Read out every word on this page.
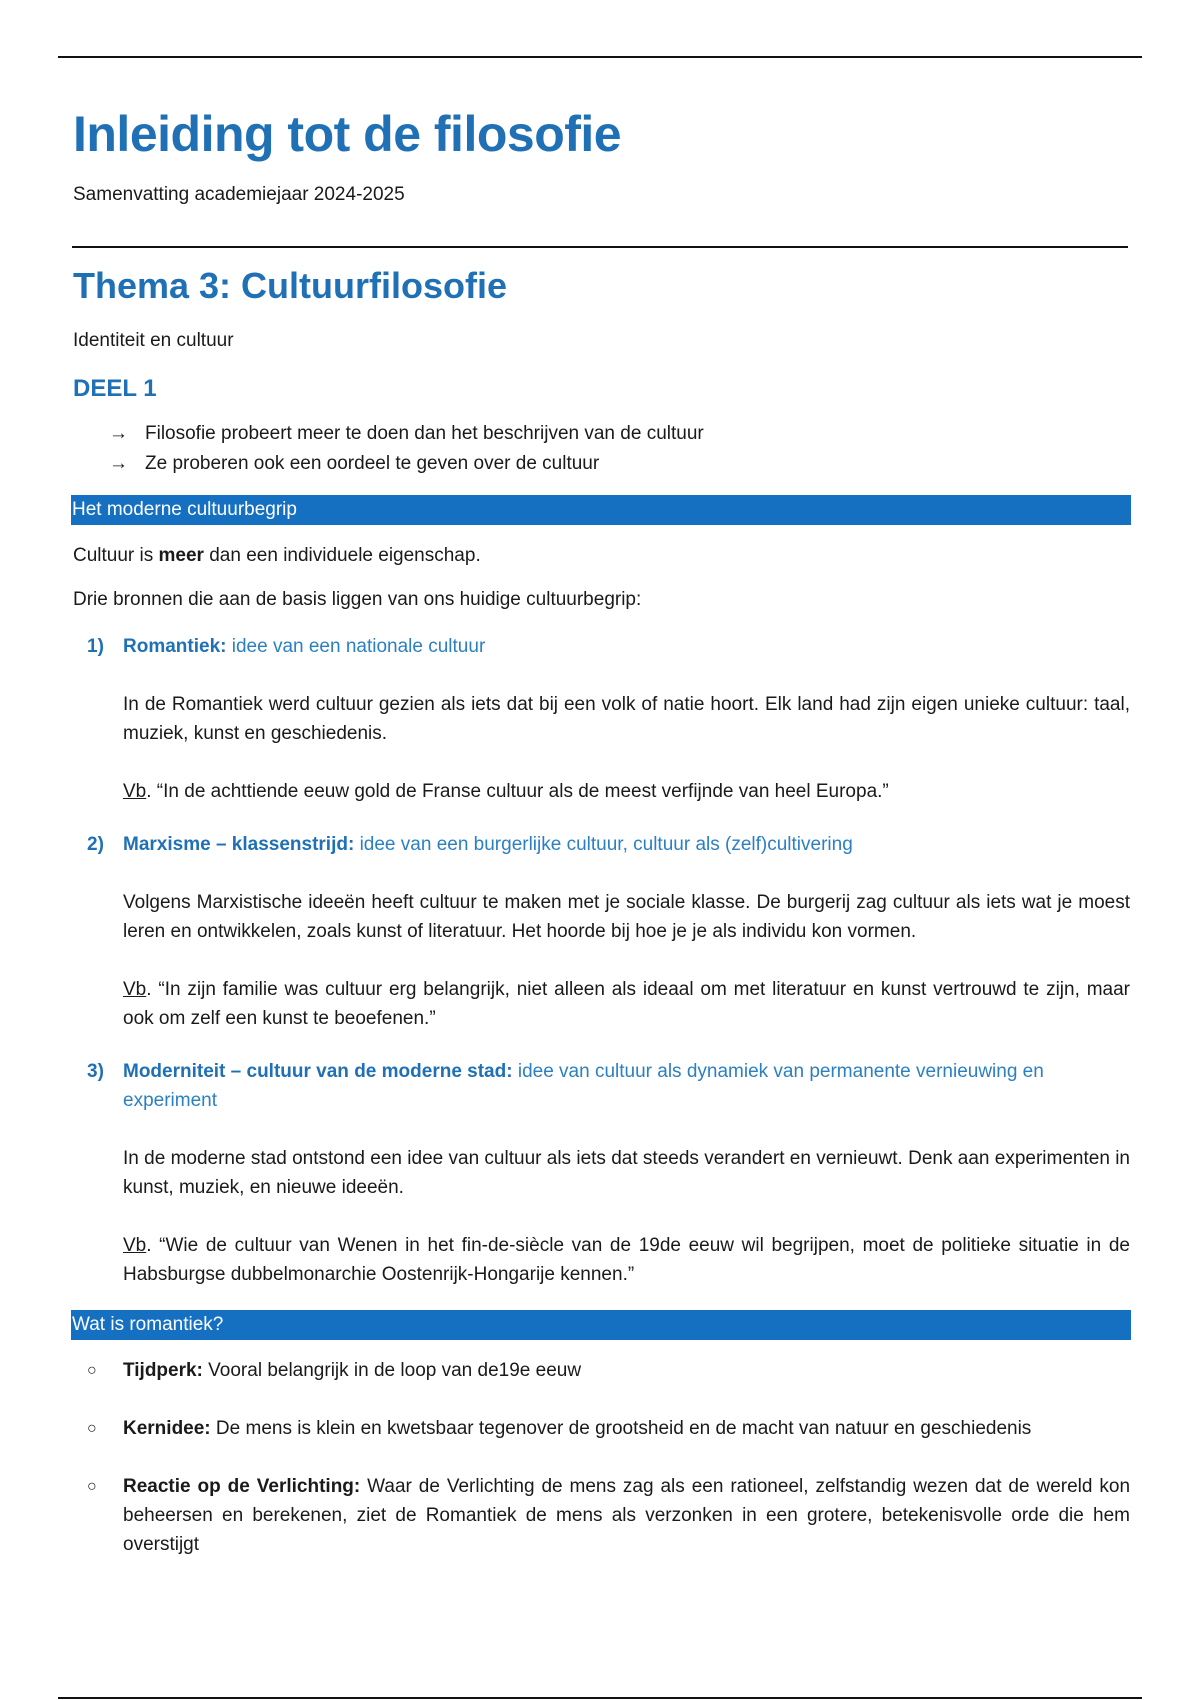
Inleiding tot de filosofie

Samenvatting academiejaar 2024-2025

Thema 3: Cultuurfilosofie

Identiteit en cultuur

DEEL 1
→ Filosofie probeert meer te doen dan het beschrijven van de cultuur
→ Ze proberen ook een oordeel te geven over de cultuur
Het moderne cultuurbegrip

Cultuur is meer dan een individuele eigenschap.

Drie bronnen die aan de basis liggen van ons huidige cultuurbegrip:

1)	Romantiek: idee van een nationale cultuur
In de Romantiek werd cultuur gezien als iets dat bij een volk of natie hoort. Elk land had zijn eigen unieke cultuur: taal, muziek, kunst en geschiedenis.
Vb. “In de achttiende eeuw gold de Franse cultuur als de meest verfijnde van heel Europa.”
2)	Marxisme – klassenstrijd: idee van een burgerlijke cultuur, cultuur als (zelf)cultivering
Volgens Marxistische ideeën heeft cultuur te maken met je sociale klasse. De burgerij zag cultuur als iets wat je moest leren en ontwikkelen, zoals kunst of literatuur. Het hoorde bij hoe je je als individu kon vormen.
Vb. “In zijn familie was cultuur erg belangrijk, niet alleen als ideaal om met literatuur en kunst vertrouwd te zijn, maar ook om zelf een kunst te beoefenen.”
3)	Moderniteit – cultuur van de moderne stad: idee van cultuur als dynamiek van permanente vernieuwing en experiment
In de moderne stad ontstond een idee van cultuur als iets dat steeds verandert en vernieuwt. Denk aan experimenten in kunst, muziek, en nieuwe ideeën.
Vb. “Wie de cultuur van Wenen in het fin-de-siècle van de 19de eeuw wil begrijpen, moet de politieke situatie in de Habsburgse dubbelmonarchie Oostenrijk-Hongarije kennen.”
Wat is romantiek?
○	Tijdperk: Vooral belangrijk in de loop van de19e eeuw
○	Kernidee: De mens is klein en kwetsbaar tegenover de grootsheid en de macht van natuur en geschiedenis
○	Reactie op de Verlichting: Waar de Verlichting de mens zag als een rationeel, zelfstandig wezen dat de wereld kon beheersen en berekenen, ziet de Romantiek de mens als verzonken in een grotere, betekenisvolle orde die hem overstijgt
